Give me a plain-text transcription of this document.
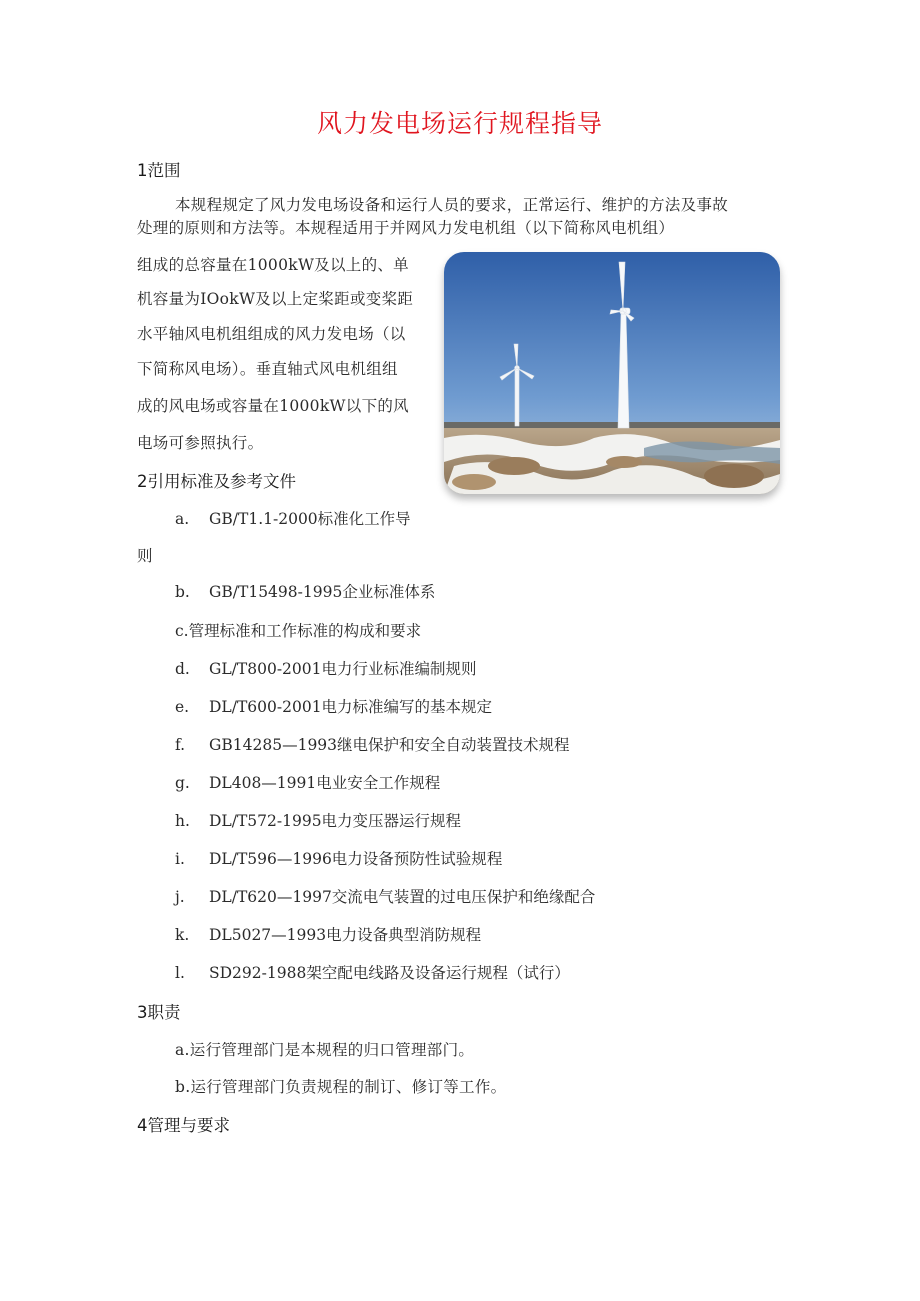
风力发电场运行规程指导
1范围
本规程规定了风力发电场设备和运行人员的要求，正常运行、维护的方法及事故
处理的原则和方法等。本规程适用于并网风力发电机组（以下简称风电机组）
组成的总容量在1000kW及以上的、单
机容量为IOokW及以上定桨距或变桨距
水平轴风电机组组成的风力发电场（以
下简称风电场）。垂直轴式风电机组组
成的风电场或容量在1000kW以下的风
电场可参照执行。
2引用标准及参考文件
a. GB/T1.1-2000标准化工作导
则
b. GB/T15498-1995企业标准体系
c.管理标准和工作标准的构成和要求
d. GL/T800-2001电力行业标准编制规则
e. DL/T600-2001电力标准编写的基本规定
f. GB14285—1993继电保护和安全自动装置技术规程
g. DL408—1991电业安全工作规程
h. DL/T572-1995电力变压器运行规程
i. DL/T596—1996电力设备预防性试验规程
j. DL/T620—1997交流电气装置的过电压保护和绝缘配合
k. DL5027—1993电力设备典型消防规程
l. SD292-1988架空配电线路及设备运行规程（试行）
3职责
a.运行管理部门是本规程的归口管理部门。
b.运行管理部门负责规程的制订、修订等工作。
4管理与要求
